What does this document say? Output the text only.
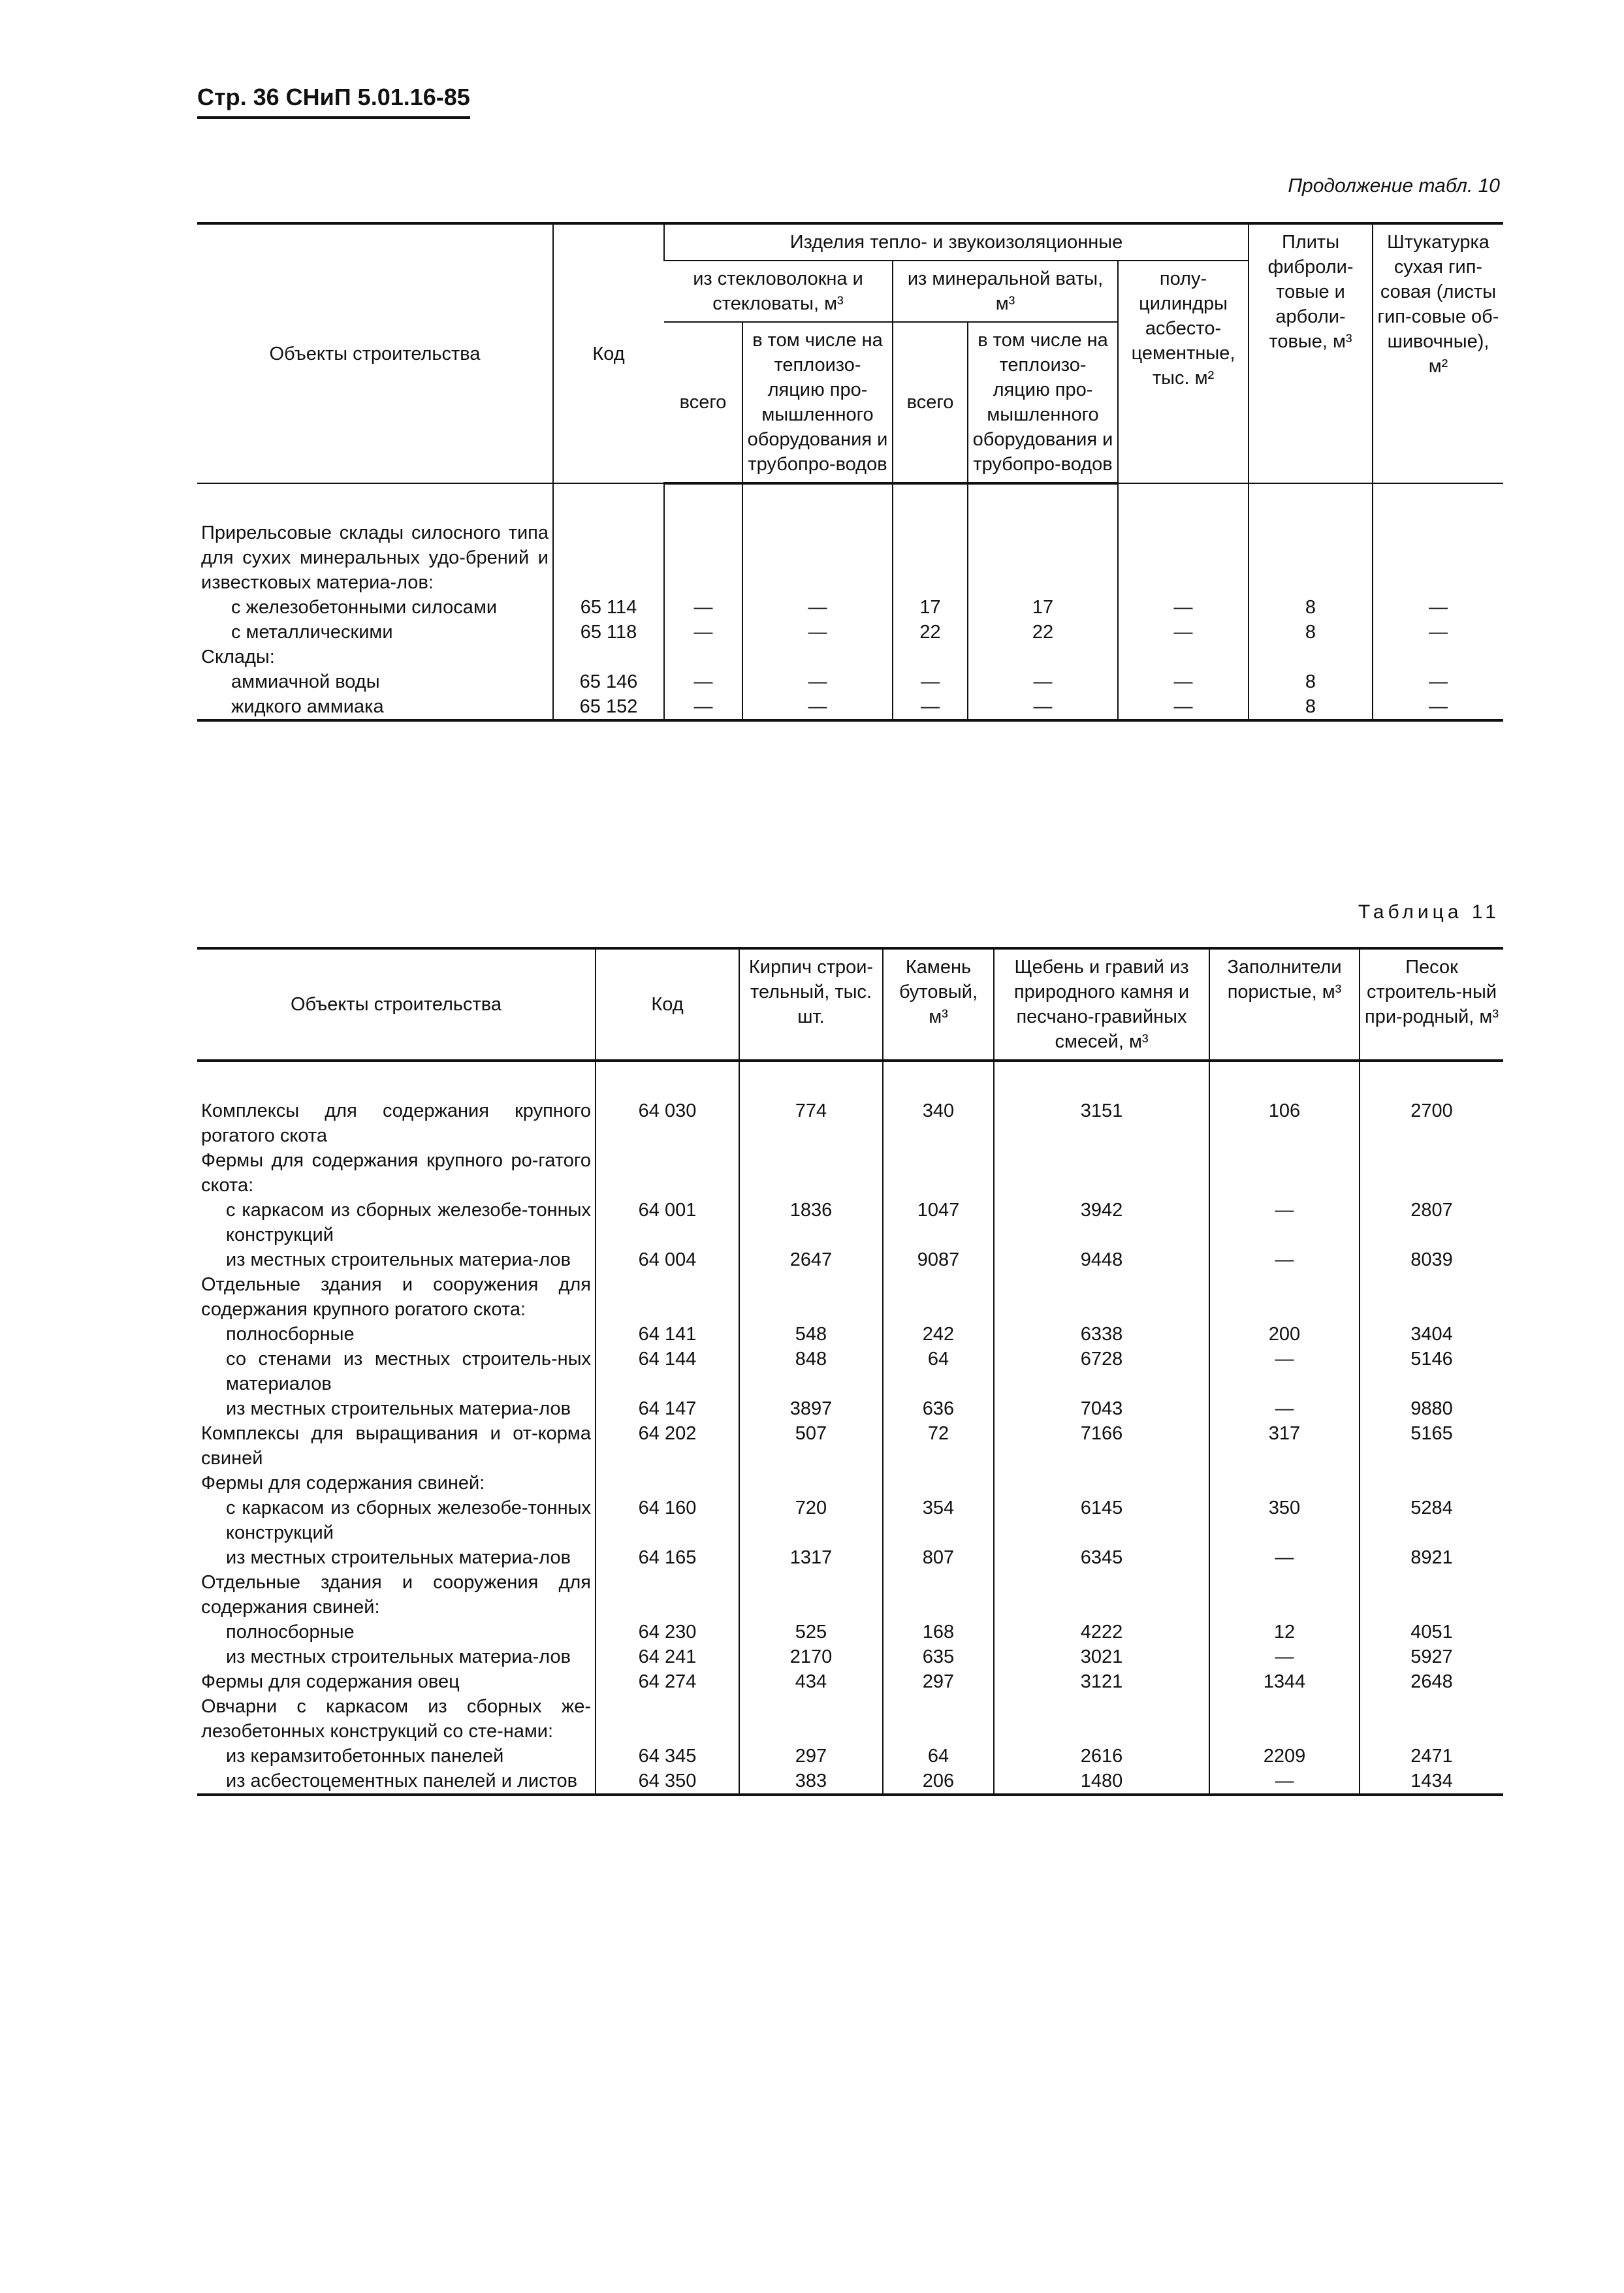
Стр. 36 СНиП 5.01.16-85
Продолжение табл. 10
Объекты строительства	Код	Изделия тепло- и звукоизоляционные					Плиты фиброли-товые и арболи-товые, м³	Штукатурка сухая гип-совая (листы гип-совые об-шивочные), м²
		из стекловолокна и стекловаты, м³		из минеральной ваты, м³		полу-цилиндры асбесто-цементные, тыс. м²		
		всего	в том числе на теплоизо-ляцию про-мышленного оборудования и трубопро-водов	всего	в том числе на теплоизо-ляцию про-мышленного оборудования и трубопро-водов			
Прирельсовые склады силосного типа для сухих минеральных удо-брений и известковых материа-лов:								
с железобетонными силосами	65 114	—	—	17	17	—	8	—
с металлическими	65 118	—	—	22	22	—	8	—
Склады:								
аммиачной воды	65 146	—	—	—	—	—	8	—
жидкого аммиака	65 152	—	—	—	—	—	8	—
Таблица 11
Объекты строительства	Код	Кирпич строи-тельный, тыс. шт.	Камень бутовый, м³	Щебень и гравий из природного камня и песчано-гравийных смесей, м³	Заполнители пористые, м³	Песок строитель-ный при-родный, м³
Комплексы для содержания крупного рогатого скота	64 030	774	340	3151	106	2700
Фермы для содержания крупного ро-гатого скота:						
с каркасом из сборных железобе-тонных конструкций	64 001	1836	1047	3942	—	2807
из местных строительных материа-лов	64 004	2647	9087	9448	—	8039
Отдельные здания и сооружения для содержания крупного рогатого скота:						
полносборные	64 141	548	242	6338	200	3404
со стенами из местных строитель-ных материалов	64 144	848	64	6728	—	5146
из местных строительных материа-лов	64 147	3897	636	7043	—	9880
Комплексы для выращивания и от-корма свиней	64 202	507	72	7166	317	5165
Фермы для содержания свиней:						
с каркасом из сборных железобе-тонных конструкций	64 160	720	354	6145	350	5284
из местных строительных материа-лов	64 165	1317	807	6345	—	8921
Отдельные здания и сооружения для содержания свиней:						
полносборные	64 230	525	168	4222	12	4051
из местных строительных материа-лов	64 241	2170	635	3021	—	5927
Фермы для содержания овец	64 274	434	297	3121	1344	2648
Овчарни с каркасом из сборных же-лезобетонных конструкций со сте-нами:						
из керамзитобетонных панелей	64 345	297	64	2616	2209	2471
из асбестоцементных панелей и листов	64 350	383	206	1480	—	1434
